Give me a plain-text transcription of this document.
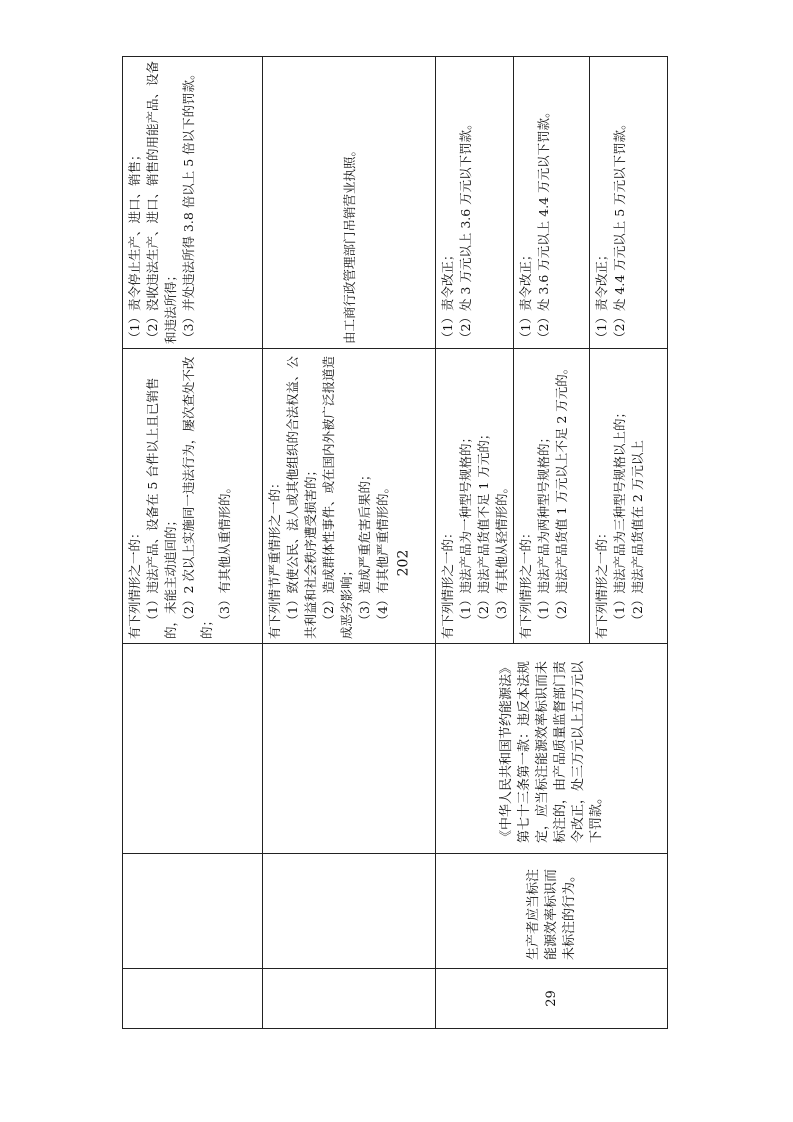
			有下列情形之一的： （1）违法产品、设备在 5 台件以上且已销售的，未能主动追回的； （2）2 次以上实施同一违法行为，屡次查处不改的； （3）有其他从重情形的。	（1）责令停止生产、进口、销售； （2）没收违法生产、进口、销售的用能产品、设备和违法所得； （3）并处违法所得 3.8 倍以上 5 倍以下的罚款。

			有下列情节严重情形之一的： （1）致使公民、法人或其他组织的合法权益、公共利益和社会秩序遭受损害的； （2）造成群体性事件、或在国内外被广泛报道造成恶劣影响； （3）造成严重危害后果的； （4）有其他严重情形的。	由工商行政管理部门吊销营业执照。

29	生产者应当标注能源效率标识而未标注的行为。	《中华人民共和国节约能源法》第七十三条第一款：违反本法规定，应当标注能源效率标识而未标注的，由产品质量监督部门责令改正，处三万元以上五万元以下罚款。	有下列情形之一的： （1）违法产品为一种型号规格的； （2）违法产品货值不足 1 万元的； （3）有其他从轻情形的。	（1）责令改正； （2）处 3 万元以上 3.6 万元以下罚款。

			有下列情形之一的： （1）违法产品为两种型号规格的； （2）违法产品货值 1 万元以上不足 2 万元的。	（1）责令改正； （2）处 3.6 万元以上 4.4 万元以下罚款。

			有下列情形之一的： （1）违法产品为三种型号规格以上的； （2）违法产品货值在 2 万元以上	（1）责令改正； （2）处 4.4 万元以上 5 万元以下罚款。
202
